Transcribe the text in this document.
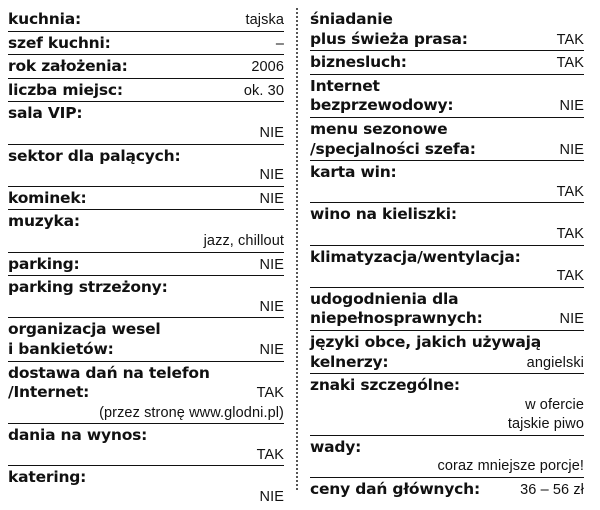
kuchnia:	tajska
szef kuchni:	–
rok założenia:	2006
liczba miejsc:	ok. 30
sala VIP:
NIE
sektor dla palących:
NIE
kominek:	NIE
muzyka:
jazz, chillout
parking:	NIE
parking strzeżony:
NIE
organizacja wesel
i bankietów:	NIE
dostawa dań na telefon
/Internet:	TAK
(przez stronę www.glodni.pl)
dania na wynos:
TAK
katering:
NIE
śniadanie
plus świeża prasa:	TAK
biznesluch:	TAK
Internet
bezprzewodowy:	NIE
menu sezonowe
/specjalności szefa:	NIE
karta win:
TAK
wino na kieliszki:
TAK
klimatyzacja/wentylacja:
TAK
udogodnienia dla
niepełnosprawnych:	NIE
języki obce, jakich używają
kelnerzy:	angielski
znaki szczególne:
w ofercie
tajskie piwo
wady:
coraz mniejsze porcje!
ceny dań głównych:	36 – 56 zł
